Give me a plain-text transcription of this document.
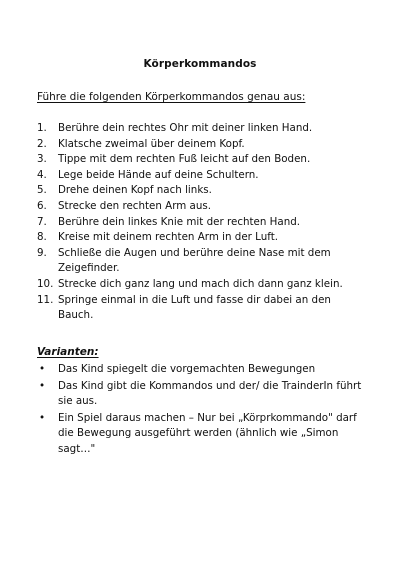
Körperkommandos
Führe die folgenden Körperkommandos genau aus:
1. Berühre dein rechtes Ohr mit deiner linken Hand.
2. Klatsche zweimal über deinem Kopf.
3. Tippe mit dem rechten Fuß leicht auf den Boden.
4. Lege beide Hände auf deine Schultern.
5. Drehe deinen Kopf nach links.
6. Strecke den rechten Arm aus.
7. Berühre dein linkes Knie mit der rechten Hand.
8. Kreise mit deinem rechten Arm in der Luft.
9. Schließe die Augen und berühre deine Nase mit dem
Zeigefinder.
10. Strecke dich ganz lang und mach dich dann ganz klein.
11. Springe einmal in die Luft und fasse dir dabei an den
Bauch.
Varianten:
• Das Kind spiegelt die vorgemachten Bewegungen
• Das Kind gibt die Kommandos und der/ die TrainderIn führt
sie aus.
• Ein Spiel daraus machen – Nur bei „Körprkommando" darf
die Bewegung ausgeführt werden (ähnlich wie „Simon
sagt…"
